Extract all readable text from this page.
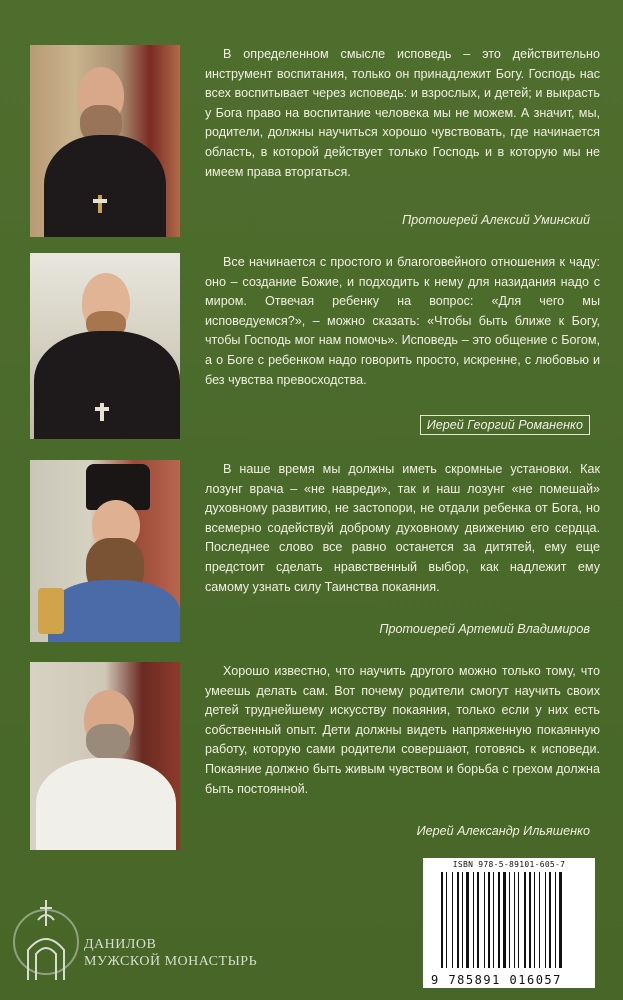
В определенном смысле исповедь – это действительно инструмент воспитания, только он принадлежит Богу. Господь нас всех воспитывает через исповедь: и взрослых, и детей; и выкрасть у Бога право на воспитание человека мы не можем. А значит, мы, родители, должны научиться хорошо чувствовать, где начинается область, в которой действует только Господь и в которую мы не имеем права вторгаться.
Протоиерей Алексий Уминский
Все начинается с простого и благоговейного отношения к чаду: оно – создание Божие, и подходить к нему для назидания надо с миром. Отвечая ребенку на вопрос: «Для чего мы исповедуемся?», – можно сказать: «Чтобы быть ближе к Богу, чтобы Господь мог нам помочь». Исповедь – это общение с Богом, а о Боге с ребенком надо говорить просто, искренне, с любовью и без чувства превосходства.
Иерей Георгий Романенко
В наше время мы должны иметь скромные установки. Как лозунг врача – «не навреди», так и наш лозунг «не помешай» духовному развитию, не застопори, не отдали ребенка от Бога, но всемерно содействуй доброму духовному движению его сердца. Последнее слово все равно останется за дитятей, ему еще предстоит сделать нравственный выбор, как надлежит ему самому узнать силу Таинства покаяния.
Протоиерей Артемий Владимиров
Хорошо известно, что научить другого можно только тому, что умеешь делать сам. Вот почему родители смогут научить своих детей труднейшему искусству покаяния, только если у них есть собственный опыт. Дети должны видеть напряженную покаянную работу, которую сами родители совершают, готовясь к исповеди. Покаяние должно быть живым чувством и борьба с грехом должна быть постоянной.
Иерей Александр Ильяшенко
ISBN 978-5-89101-605-7
9 785891 016057
ДАНИЛОВ
МУЖСКОЙ МОНАСТЫРЬ
